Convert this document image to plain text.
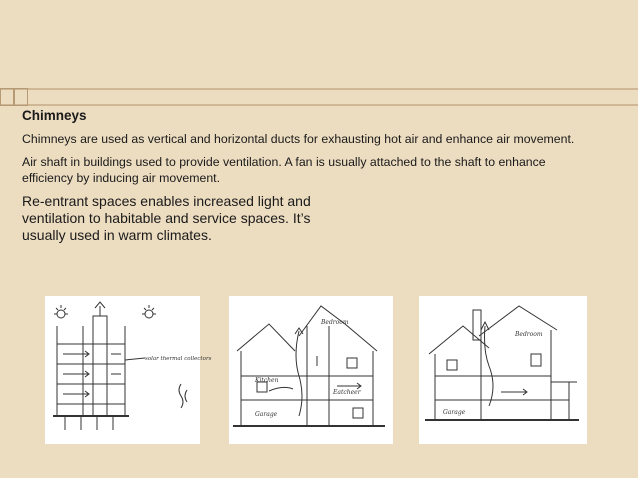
Chimneys

Chimneys are used as vertical and horizontal ducts for exhausting hot air and enhance air movement.

Air shaft in buildings used to provide ventilation. A fan is usually attached to the shaft to enhance efficiency by inducing air movement.

Re-entrant spaces enables increased light and ventilation to habitable and service spaces. It’s usually used in warm climates.

solar thermal collectors
Bedroom
Kitchen
Eatcheer
Garage
Bedroom
Garage
